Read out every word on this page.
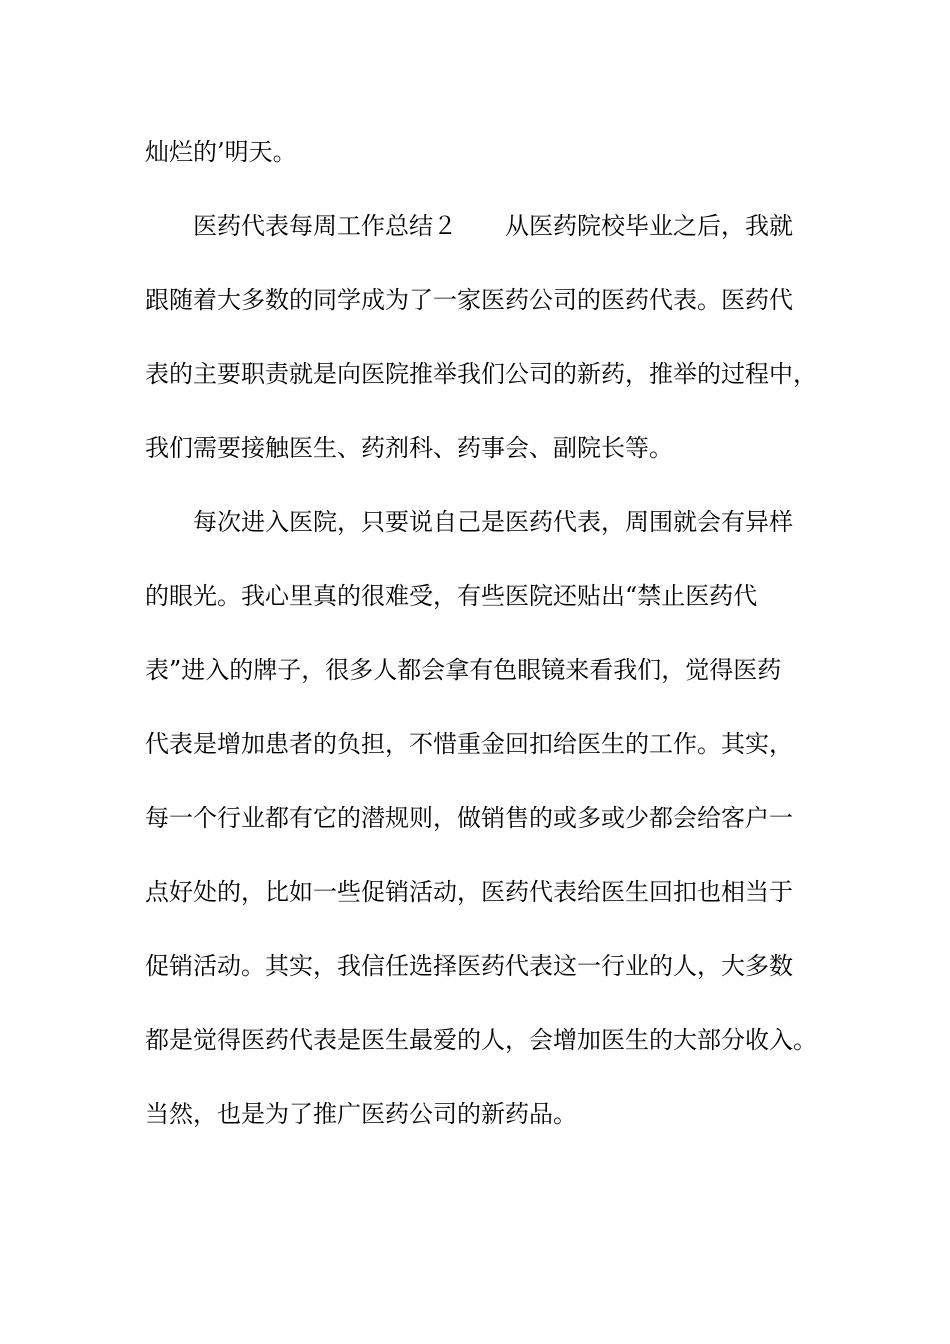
灿烂的’明天。
医药代表每周工作总结２　　从医药院校毕业之后，我就
跟随着大多数的同学成为了一家医药公司的医药代表。医药代
表的主要职责就是向医院推举我们公司的新药，推举的过程中，
我们需要接触医生、药剂科、药事会、副院长等。
每次进入医院，只要说自己是医药代表，周围就会有异样
的眼光。我心里真的很难受，有些医院还贴出“禁止医药代
表”进入的牌子，很多人都会拿有色眼镜来看我们，觉得医药
代表是增加患者的负担，不惜重金回扣给医生的工作。其实，
每一个行业都有它的潜规则，做销售的或多或少都会给客户一
点好处的，比如一些促销活动，医药代表给医生回扣也相当于
促销活动。其实，我信任选择医药代表这一行业的人，大多数
都是觉得医药代表是医生最爱的人，会增加医生的大部分收入。
当然，也是为了推广医药公司的新药品。
